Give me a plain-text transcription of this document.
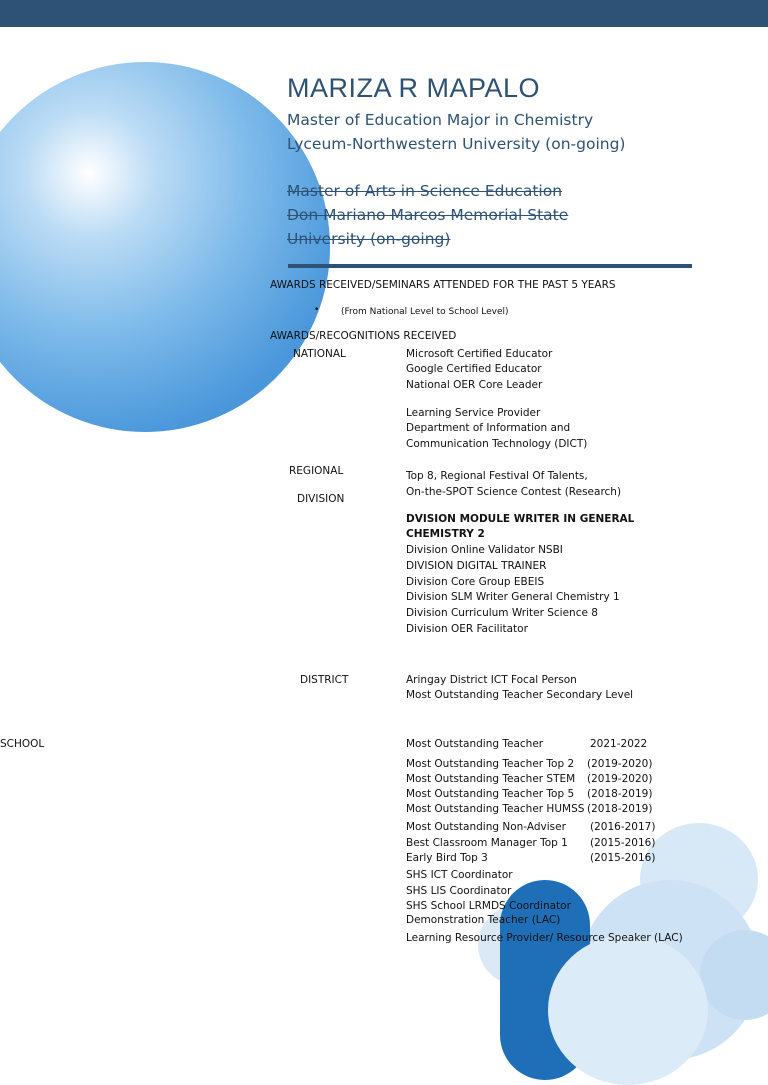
MARIZA R MAPALO
Master of Education Major in Chemistry
Lyceum-Northwestern University (on-going)
Master of Arts in Science Education
Don Mariano Marcos Memorial State
University (on-going)
AWARDS RECEIVED/SEMINARS ATTENDED FOR THE PAST 5 YEARS
• (From National Level to School Level)
AWARDS/RECOGNITIONS RECEIVED
NATIONAL
REGIONAL
DIVISION
DISTRICT
SCHOOL
Microsoft Certified Educator
Google Certified Educator
National OER Core Leader
Learning Service Provider
Department of Information and
Communication Technology (DICT)
Top 8, Regional Festival Of Talents,
On-the-SPOT Science Contest (Research)
DVISION MODULE WRITER IN GENERAL
CHEMISTRY 2
Division Online Validator NSBI
DIVISION DIGITAL TRAINER
Division Core Group EBEIS
Division SLM Writer General Chemistry 1
Division Curriculum Writer Science 8
Division OER Facilitator
Aringay District ICT Focal Person
Most Outstanding Teacher Secondary Level
Most Outstanding Teacher	2021-2022
Most Outstanding Teacher Top 2 (2019-2020)
Most Outstanding Teacher STEM (2019-2020)
Most Outstanding Teacher Top 5 (2018-2019)
Most Outstanding Teacher HUMSS (2018-2019)
Most Outstanding Non-Adviser (2016-2017)
Best Classroom Manager Top 1 (2015-2016)
Early Bird Top 3	(2015-2016)
SHS ICT Coordinator
SHS LIS Coordinator
SHS School LRMDS Coordinator
Demonstration Teacher (LAC)
Learning Resource Provider/ Resource Speaker (LAC)
